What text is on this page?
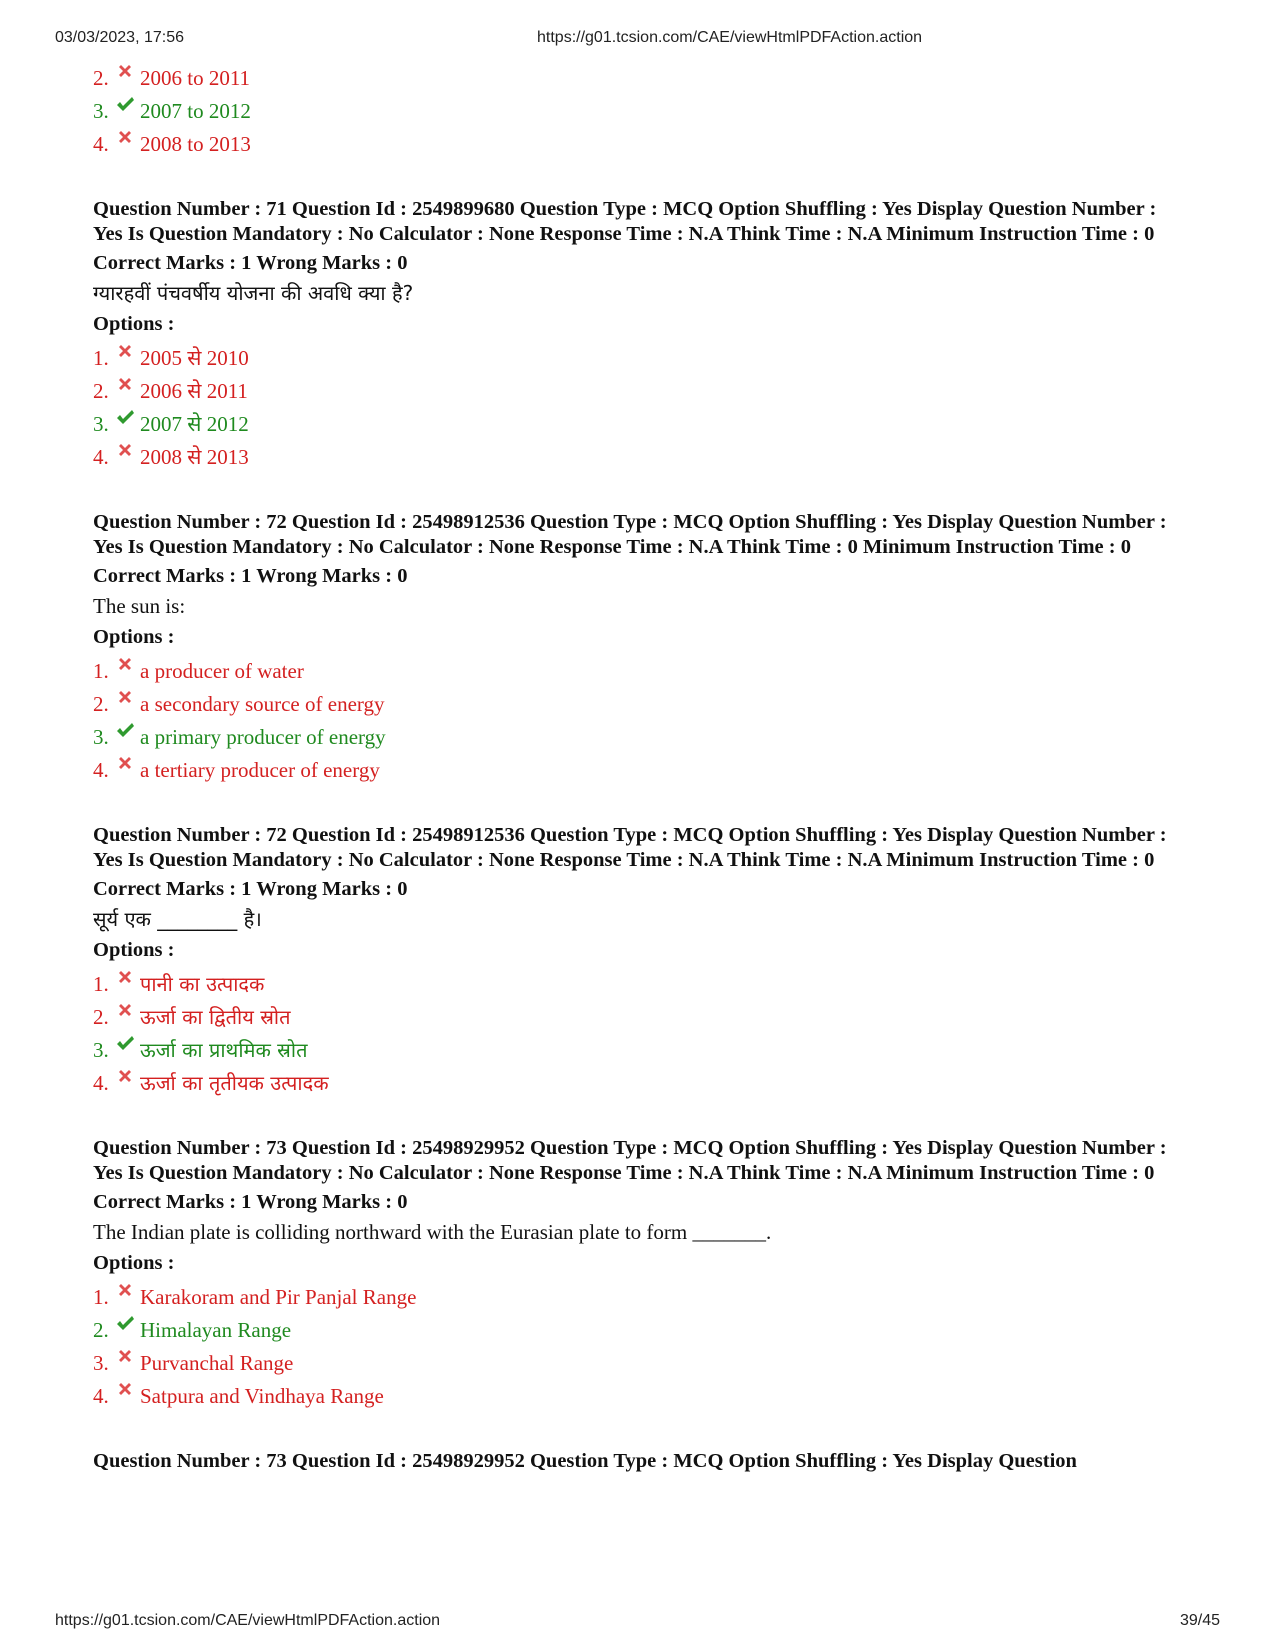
03/03/2023, 17:56	https://g01.tcsion.com/CAE/viewHtmlPDFAction.action
2. 2006 to 2011
3. 2007 to 2012
4. 2008 to 2013

Question Number : 71 Question Id : 2549899680 Question Type : MCQ Option Shuffling : Yes Display Question Number : Yes Is Question Mandatory : No Calculator : None Response Time : N.A Think Time : N.A Minimum Instruction Time : 0

Correct Marks : 1 Wrong Marks : 0

ग्यारहवीं पंचवर्षीय योजना की अवधि क्या है?

Options :

1. 2005 से 2010
2. 2006 से 2011
3. 2007 से 2012
4. 2008 से 2013

Question Number : 72 Question Id : 25498912536 Question Type : MCQ Option Shuffling : Yes Display Question Number : Yes Is Question Mandatory : No Calculator : None Response Time : N.A Think Time : 0 Minimum Instruction Time : 0

Correct Marks : 1 Wrong Marks : 0

The sun is:

Options :

1. a producer of water
2. a secondary source of energy
3. a primary producer of energy
4. a tertiary producer of energy

Question Number : 72 Question Id : 25498912536 Question Type : MCQ Option Shuffling : Yes Display Question Number : Yes Is Question Mandatory : No Calculator : None Response Time : N.A Think Time : N.A Minimum Instruction Time : 0

Correct Marks : 1 Wrong Marks : 0

सूर्य एक ________ है।

Options :

1. पानी का उत्पादक
2. ऊर्जा का द्वितीय स्रोत
3. ऊर्जा का प्राथमिक स्रोत
4. ऊर्जा का तृतीयक उत्पादक

Question Number : 73 Question Id : 25498929952 Question Type : MCQ Option Shuffling : Yes Display Question Number : Yes Is Question Mandatory : No Calculator : None Response Time : N.A Think Time : N.A Minimum Instruction Time : 0

Correct Marks : 1 Wrong Marks : 0

The Indian plate is colliding northward with the Eurasian plate to form _______.

Options :

1. Karakoram and Pir Panjal Range
2. Himalayan Range
3. Purvanchal Range
4. Satpura and Vindhaya Range

Question Number : 73 Question Id : 25498929952 Question Type : MCQ Option Shuffling : Yes Display Question

https://g01.tcsion.com/CAE/viewHtmlPDFAction.action	39/45
